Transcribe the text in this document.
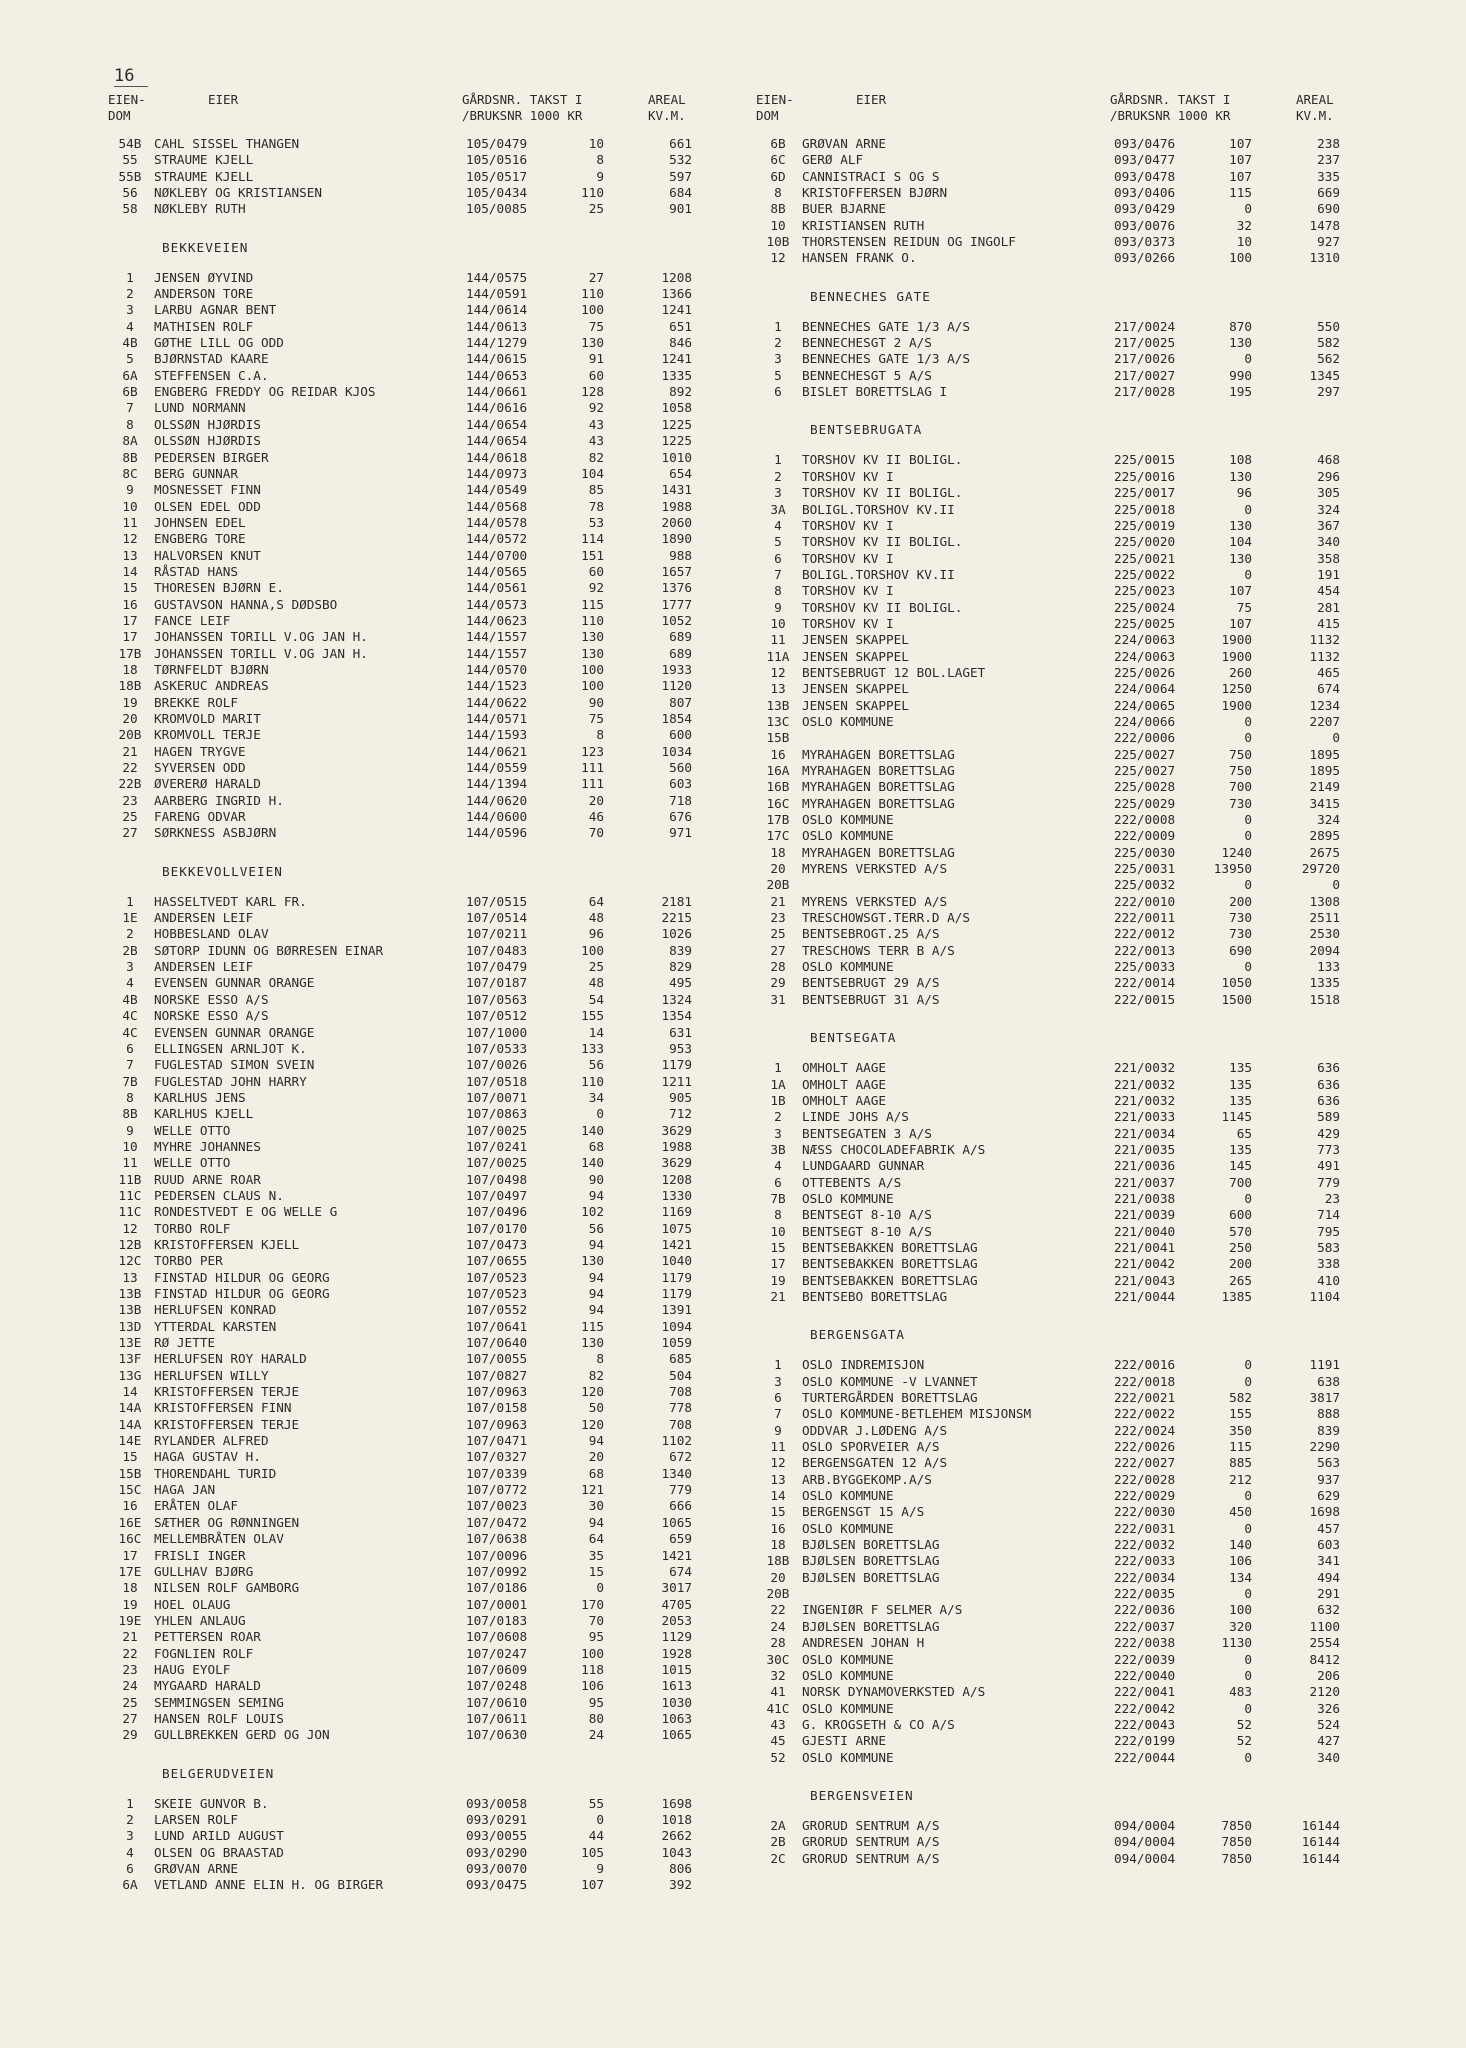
16
EIEN-
DOM
EIER	GÅRDSNR. TAKST I
/BRUKSNR 1000 KR
AREAL
KV.M.
54B CAHL SISSEL THANGEN	105/0479	10	661
55	STRAUME KJELL	105/0516	8	532
55B STRAUME KJELL	105/0517	9	597
56	NØKLEBY OG KRISTIANSEN	105/0434	110	684
58	NØKLEBY RUTH	105/0085	25	901
BEKKEVEIEN
1	JENSEN ØYVIND	144/0575	27	1208
2	ANDERSON TORE	144/0591	110	1366
3	LARBU AGNAR BENT	144/0614	100	1241
4	MATHISEN ROLF	144/0613	75	651
4B	GØTHE LILL OG ODD	144/1279	130	846
5	BJØRNSTAD KAARE	144/0615	91	1241
6A	STEFFENSEN C.A.	144/0653	60	1335
6B	ENGBERG FREDDY OG REIDAR KJOS	144/0661	128	892
7	LUND NORMANN	144/0616	92	1058
8	OLSSØN HJØRDIS	144/0654	43	1225
8A	OLSSØN HJØRDIS	144/0654	43	1225
8B	PEDERSEN BIRGER	144/0618	82	1010
8C	BERG GUNNAR	144/0973	104	654
9	MOSNESSET FINN	144/0549	85	1431
10	OLSEN EDEL ODD	144/0568	78	1988
11	JOHNSEN EDEL	144/0578	53	2060
12	ENGBERG TORE	144/0572	114	1890
13	HALVORSEN KNUT	144/0700	151	988
14	RÅSTAD HANS	144/0565	60	1657
15	THORESEN BJØRN E.	144/0561	92	1376
16	GUSTAVSON HANNA,S DØDSBO	144/0573	115	1777
17	FANCE LEIF	144/0623	110	1052
17	JOHANSSEN TORILL V.OG JAN H.	144/1557	130	689
17B JOHANSSEN TORILL V.OG JAN H.	144/1557	130	689
18	TØRNFELDT BJØRN	144/0570	100	1933
18B ASKERUC ANDREAS	144/1523	100	1120
19	BREKKE ROLF	144/0622	90	807
20	KROMVOLD MARIT	144/0571	75	1854
20B KROMVOLL TERJE	144/1593	8	600
21	HAGEN TRYGVE	144/0621	123	1034
22	SYVERSEN ODD	144/0559	111	560
22B ØVERERØ HARALD	144/1394	111	603
23	AARBERG INGRID H.	144/0620	20	718
25	FARENG ODVAR	144/0600	46	676
27	SØRKNESS ASBJØRN	144/0596	70	971
BEKKEVOLLVEIEN
1	HASSELTVEDT KARL FR.	107/0515	64	2181
1E	ANDERSEN LEIF	107/0514	48	2215
2	HOBBESLAND OLAV	107/0211	96	1026
2B	SØTORP IDUNN OG BØRRESEN EINAR	107/0483	100	839
3	ANDERSEN LEIF	107/0479	25	829
4	EVENSEN GUNNAR ORANGE	107/0187	48	495
4B	NORSKE ESSO A/S	107/0563	54	1324
4C	NORSKE ESSO A/S	107/0512	155	1354
4C	EVENSEN GUNNAR ORANGE	107/1000	14	631
6	ELLINGSEN ARNLJOT K.	107/0533	133	953
7	FUGLESTAD SIMON SVEIN	107/0026	56	1179
7B	FUGLESTAD JOHN HARRY	107/0518	110	1211
8	KARLHUS JENS	107/0071	34	905
8B	KARLHUS KJELL	107/0863	0	712
9	WELLE OTTO	107/0025	140	3629
10	MYHRE JOHANNES	107/0241	68	1988
11	WELLE OTTO	107/0025	140	3629
11B RUUD ARNE ROAR	107/0498	90	1208
11C PEDERSEN CLAUS N.	107/0497	94	1330
11C RONDESTVEDT E OG WELLE G	107/0496	102	1169
12	TORBO ROLF	107/0170	56	1075
12B KRISTOFFERSEN KJELL	107/0473	94	1421
12C TORBO PER	107/0655	130	1040
13	FINSTAD HILDUR OG GEORG	107/0523	94	1179
13B FINSTAD HILDUR OG GEORG	107/0523	94	1179
13B HERLUFSEN KONRAD	107/0552	94	1391
13D YTTERDAL KARSTEN	107/0641	115	1094
13E RØ JETTE	107/0640	130	1059
13F HERLUFSEN ROY HARALD	107/0055	8	685
13G HERLUFSEN WILLY	107/0827	82	504
14	KRISTOFFERSEN TERJE	107/0963	120	708
14A KRISTOFFERSEN FINN	107/0158	50	778
14A KRISTOFFERSEN TERJE	107/0963	120	708
14E RYLANDER ALFRED	107/0471	94	1102
15	HAGA GUSTAV H.	107/0327	20	672
15B THORENDAHL TURID	107/0339	68	1340
15C HAGA JAN	107/0772	121	779
16	ERÅTEN OLAF	107/0023	30	666
16E SÆTHER OG RØNNINGEN	107/0472	94	1065
16C MELLEMBRÅTEN OLAV	107/0638	64	659
17	FRISLI INGER	107/0096	35	1421
17E GULLHAV BJØRG	107/0992	15	674
18	NILSEN ROLF GAMBORG	107/0186	0	3017
19	HOEL OLAUG	107/0001	170	4705
19E YHLEN ANLAUG	107/0183	70	2053
21	PETTERSEN ROAR	107/0608	95	1129
22	FOGNLIEN ROLF	107/0247	100	1928
23	HAUG EYOLF	107/0609	118	1015
24	MYGAARD HARALD	107/0248	106	1613
25	SEMMINGSEN SEMING	107/0610	95	1030
27	HANSEN ROLF LOUIS	107/0611	80	1063
29	GULLBREKKEN GERD OG JON	107/0630	24	1065
BELGERUDVEIEN
1	SKEIE GUNVOR B.	093/0058	55	1698
2	LARSEN ROLF	093/0291	0	1018
3	LUND ARILD AUGUST	093/0055	44	2662
4	OLSEN OG BRAASTAD	093/0290	105	1043
6	GRØVAN ARNE	093/0070	9	806
6A	VETLAND ANNE ELIN H. OG BIRGER	093/0475	107	392
EIEN-
DOM
EIER	GÅRDSNR. TAKST I
/BRUKSNR 1000 KR
AREAL
KV.M.
6B	GRØVAN ARNE	093/0476	107	238
6C	GERØ ALF	093/0477	107	237
6D	CANNISTRACI S OG S	093/0478	107	335
8	KRISTOFFERSEN BJØRN	093/0406	115	669
8B	BUER BJARNE	093/0429	0	690
10	KRISTIANSEN RUTH	093/0076	32	1478
10B THORSTENSEN REIDUN OG INGOLF	093/0373	10	927
12	HANSEN FRANK O.	093/0266	100	1310
BENNECHES GATE
1	BENNECHES GATE 1/3 A/S	217/0024	870	550
2	BENNECHESGT 2 A/S	217/0025	130	582
3	BENNECHES GATE 1/3 A/S	217/0026	0	562
5	BENNECHESGT 5 A/S	217/0027	990	1345
6	BISLET BORETTSLAG I	217/0028	195	297
BENTSEBRUGATA
1	TORSHOV KV II BOLIGL.	225/0015	108	468
2	TORSHOV KV I	225/0016	130	296
3	TORSHOV KV II BOLIGL.	225/0017	96	305
3A	BOLIGL.TORSHOV KV.II	225/0018	0	324
4	TORSHOV KV I	225/0019	130	367
5	TORSHOV KV II BOLIGL.	225/0020	104	340
6	TORSHOV KV I	225/0021	130	358
7	BOLIGL.TORSHOV KV.II	225/0022	0	191
8	TORSHOV KV I	225/0023	107	454
9	TORSHOV KV II BOLIGL.	225/0024	75	281
10	TORSHOV KV I	225/0025	107	415
11	JENSEN SKAPPEL	224/0063	1900	1132
11A JENSEN SKAPPEL	224/0063	1900	1132
12	BENTSEBRUGT 12 BOL.LAGET	225/0026	260	465
13	JENSEN SKAPPEL	224/0064	1250	674
13B JENSEN SKAPPEL	224/0065	1900	1234
13C OSLO KOMMUNE	224/0066	0	2207
15B	222/0006	0	0
16	MYRAHAGEN BORETTSLAG	225/0027	750	1895
16A MYRAHAGEN BORETTSLAG	225/0027	750	1895
16B MYRAHAGEN BORETTSLAG	225/0028	700	2149
16C MYRAHAGEN BORETTSLAG	225/0029	730	3415
17B OSLO KOMMUNE	222/0008	0	324
17C OSLO KOMMUNE	222/0009	0	2895
18	MYRAHAGEN BORETTSLAG	225/0030	1240	2675
20	MYRENS VERKSTED A/S	225/0031	13950	29720
20B	225/0032	0	0
21	MYRENS VERKSTED A/S	222/0010	200	1308
23	TRESCHOWSGT.TERR.D A/S	222/0011	730	2511
25	BENTSEBROGT.25 A/S	222/0012	730	2530
27	TRESCHOWS TERR B A/S	222/0013	690	2094
28	OSLO KOMMUNE	225/0033	0	133
29	BENTSEBRUGT 29 A/S	222/0014	1050	1335
31	BENTSEBRUGT 31 A/S	222/0015	1500	1518
BENTSEGATA
1	OMHOLT AAGE	221/0032	135	636
1A	OMHOLT AAGE	221/0032	135	636
1B	OMHOLT AAGE	221/0032	135	636
2	LINDE JOHS A/S	221/0033	1145	589
3	BENTSEGATEN 3 A/S	221/0034	65	429
3B	NÆSS CHOCOLADEFABRIK A/S	221/0035	135	773
4	LUNDGAARD GUNNAR	221/0036	145	491
6	OTTEBENTS A/S	221/0037	700	779
7B	OSLO KOMMUNE	221/0038	0	23
8	BENTSEGT 8-10 A/S	221/0039	600	714
10	BENTSEGT 8-10 A/S	221/0040	570	795
15	BENTSEBAKKEN BORETTSLAG	221/0041	250	583
17	BENTSEBAKKEN BORETTSLAG	221/0042	200	338
19	BENTSEBAKKEN BORETTSLAG	221/0043	265	410
21	BENTSEBO BORETTSLAG	221/0044	1385	1104
BERGENSGATA
1	OSLO INDREMISJON	222/0016	0	1191
3	OSLO KOMMUNE -V LVANNET	222/0018	0	638
6	TURTERGÅRDEN BORETTSLAG	222/0021	582	3817
7	OSLO KOMMUNE-BETLEHEM MISJONSM	222/0022	155	888
9	ODDVAR J.LØDENG A/S	222/0024	350	839
11	OSLO SPORVEIER A/S	222/0026	115	2290
12	BERGENSGATEN 12 A/S	222/0027	885	563
13	ARB.BYGGEKOMP.A/S	222/0028	212	937
14	OSLO KOMMUNE	222/0029	0	629
15	BERGENSGT 15 A/S	222/0030	450	1698
16	OSLO KOMMUNE	222/0031	0	457
18	BJØLSEN BORETTSLAG	222/0032	140	603
18B BJØLSEN BORETTSLAG	222/0033	106	341
20	BJØLSEN BORETTSLAG	222/0034	134	494
20B	222/0035	0	291
22	INGENIØR F SELMER A/S	222/0036	100	632
24	BJØLSEN BORETTSLAG	222/0037	320	1100
28	ANDRESEN JOHAN H	222/0038	1130	2554
30C OSLO KOMMUNE	222/0039	0	8412
32	OSLO KOMMUNE	222/0040	0	206
41	NORSK DYNAMOVERKSTED A/S	222/0041	483	2120
41C OSLO KOMMUNE	222/0042	0	326
43	G. KROGSETH & CO A/S	222/0043	52	524
45	GJESTI ARNE	222/0199	52	427
52	OSLO KOMMUNE	222/0044	0	340
BERGENSVEIEN
2A	GRORUD SENTRUM A/S	094/0004	7850	16144
2B	GRORUD SENTRUM A/S	094/0004	7850	16144
2C	GRORUD SENTRUM A/S	094/0004	7850	16144
